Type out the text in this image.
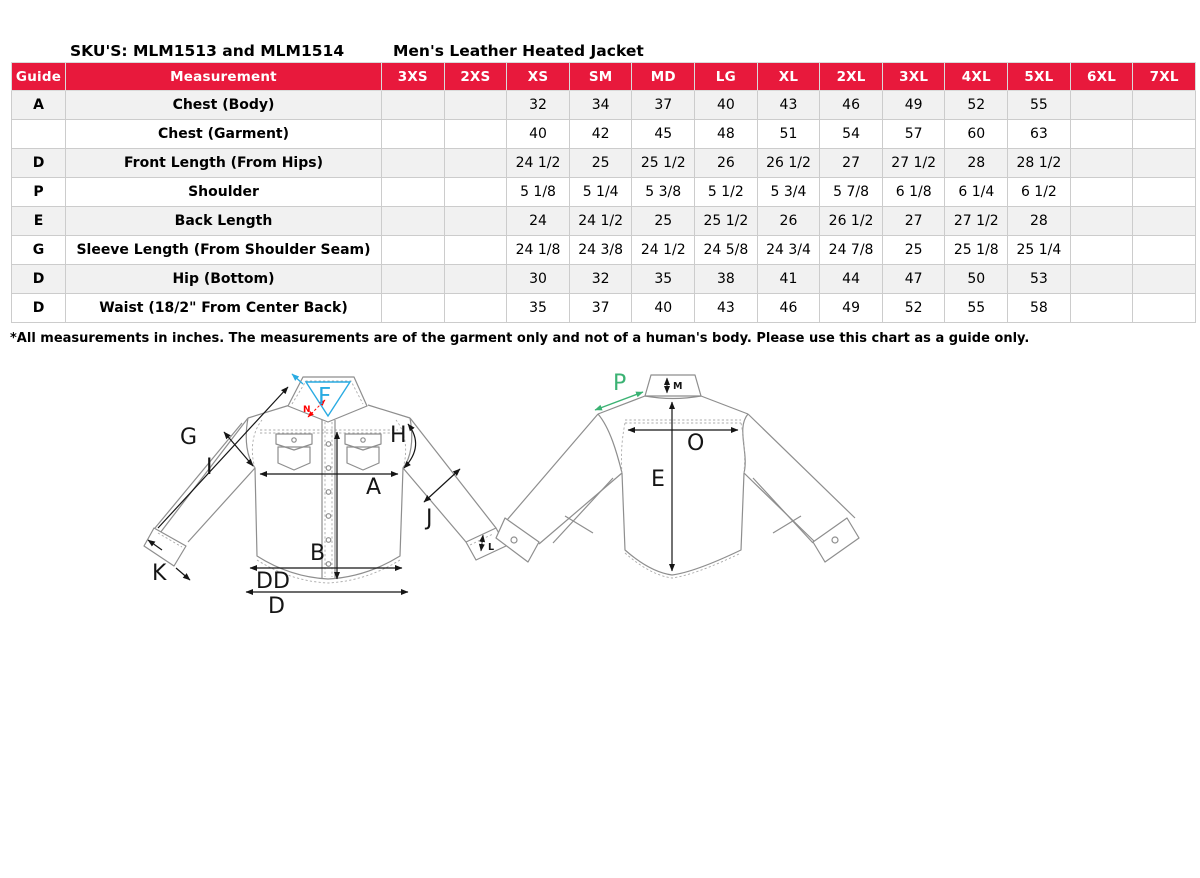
SKU'S: MLM1513 and MLM1514	Men's Leather Heated Jacket
Guide	Measurement	3XS	2XS	XS	SM	MD	LG	XL	2XL	3XL	4XL	5XL	6XL	7XL
A	Chest (Body)			32	34	37	40	43	46	49	52	55		
	Chest (Garment)			40	42	45	48	51	54	57	60	63		
D	Front Length (From Hips)			24 1/2	25	25 1/2	26	26 1/2	27	27 1/2	28	28 1/2		
P	Shoulder			5 1/8	5 1/4	5 3/8	5 1/2	5 3/4	5 7/8	6 1/8	6 1/4	6 1/2		
E	Back Length			24	24 1/2	25	25 1/2	26	26 1/2	27	27 1/2	28		
G	Sleeve Length (From Shoulder Seam)			24 1/8	24 3/8	24 1/2	24 5/8	24 3/4	24 7/8	25	25 1/8	25 1/4		
D	Hip (Bottom)			30	32	35	38	41	44	47	50	53		
D	Waist (18/2" From Center Back)			35	37	40	43	46	49	52	55	58		
*All measurements in inches. The measurements are of the garment only and not of a human's body. Please use this chart as a guide only.
G
I
F
N
H
A
J
B
K	DD
D
L
P	M
O
E
